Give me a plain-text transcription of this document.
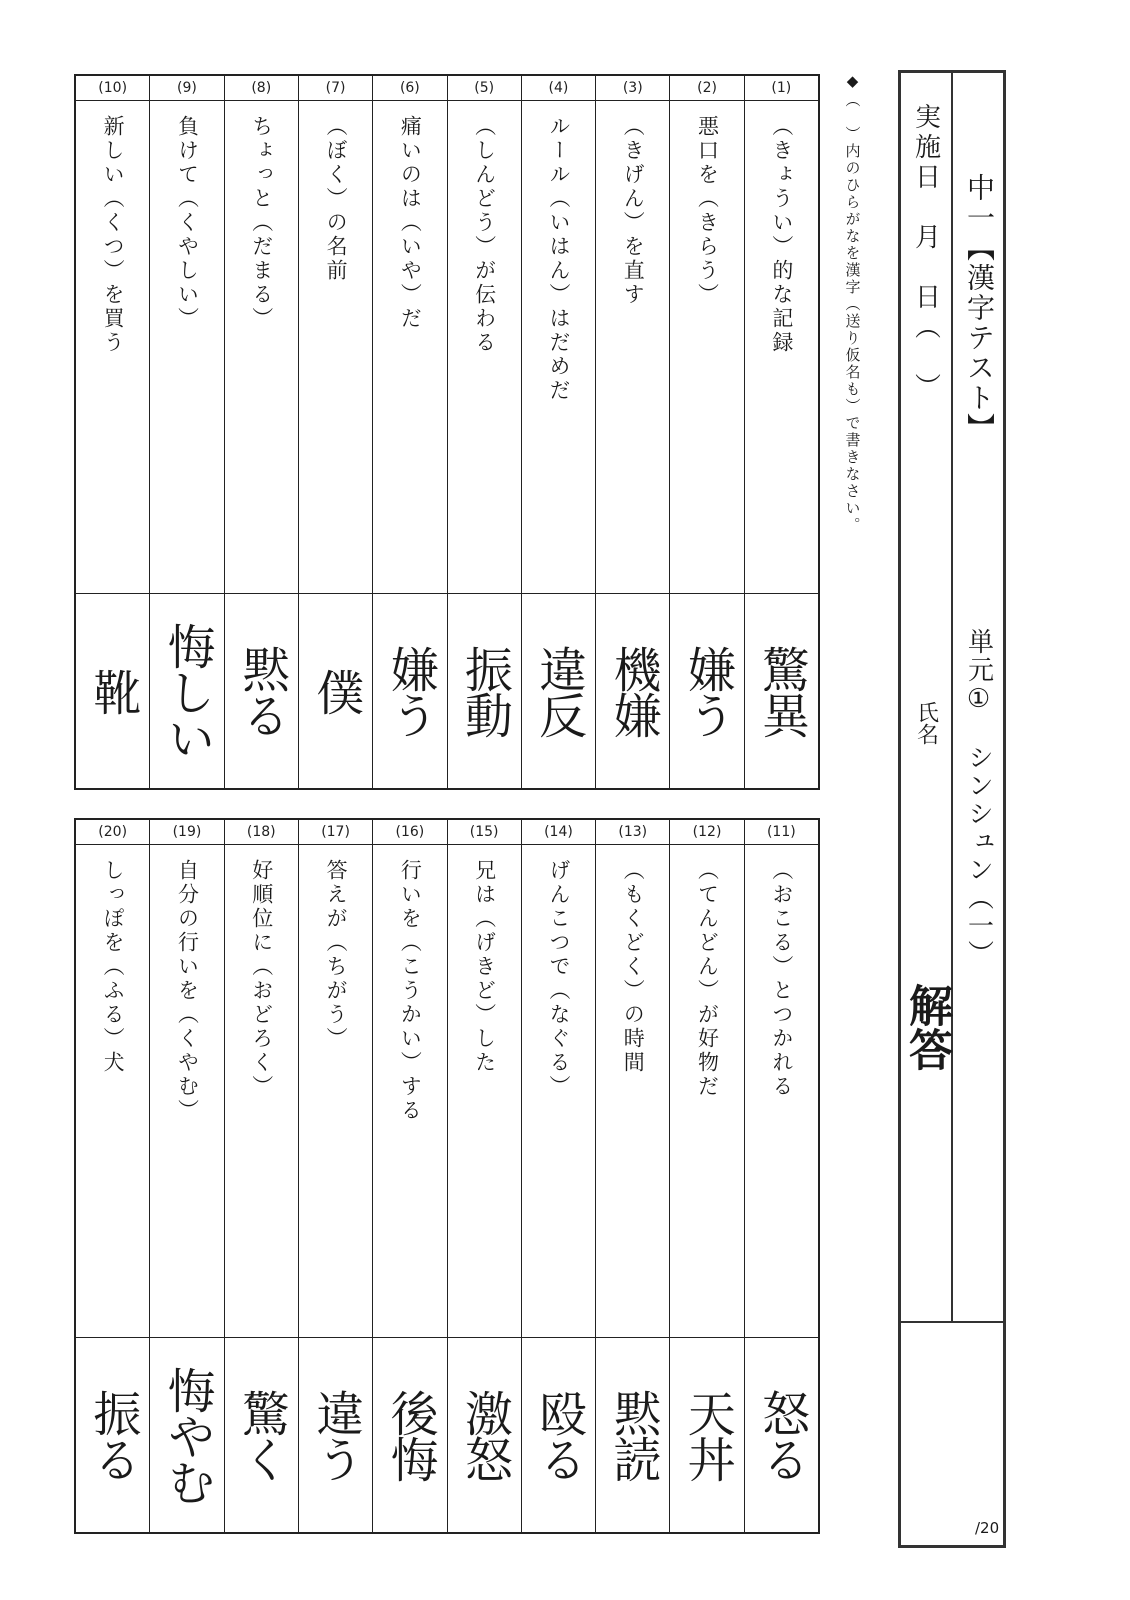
(1)
（きょうい）的な記録
驚異
(2)
悪口を（きらう）
嫌う
(3)
（きげん）を直す
機嫌
(4)
ルール（いはん）はだめだ
違反
(5)
（しんどう）が伝わる
振動
(6)
痛いのは（いや）だ
嫌う
(7)
（ぼく）の名前
僕
(8)
ちょっと（だまる）
黙る
(9)
負けて（くやしい）
悔しい
(10)
新しい（くつ）を買う
靴
(11)
（おこる）とつかれる
怒る
(12)
（てんどん）が好物だ
天丼
(13)
（もくどく）の時間
黙読
(14)
げんこつで（なぐる）
殴る
(15)
兄は（げきど）した
激怒
(16)
行いを（こうかい）する
後悔
(17)
答えが（ちがう）
違う
(18)
好順位に（おどろく）
驚く
(19)
自分の行いを（くやむ）
悔やむ
(20)
しっぽを（ふる）犬
振る
◆（　）内のひらがなを漢字（送り仮名も）で書きなさい。	中一【漢字テスト】
単元①　シンシュン（一）
実施日　月　日（　）
氏名
解答
/20
